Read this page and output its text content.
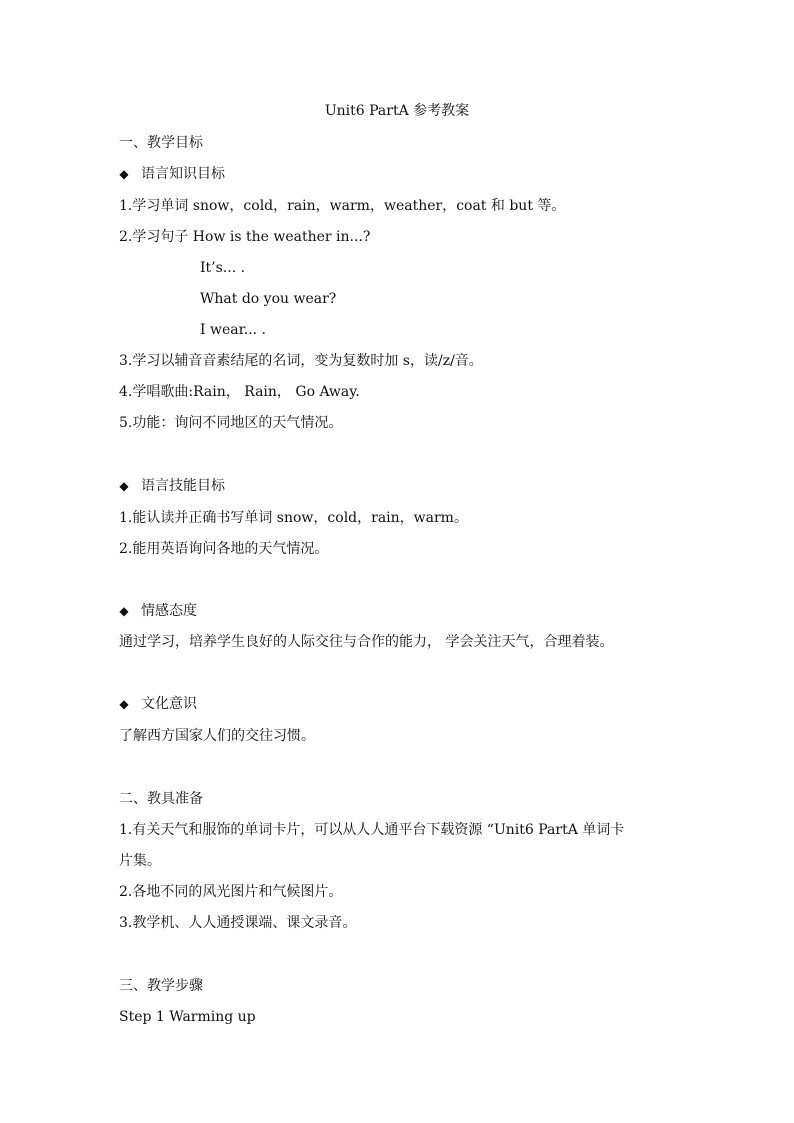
Unit6 PartA 参考教案
一、教学目标
◆ 语言知识目标
1.学习单词 snow，cold，rain，warm，weather，coat 和 but 等。
2.学习句子 How is the weather in...?
It’s... .
What do you wear?
I wear... .
3.学习以辅音音素结尾的名词，变为复数时加 s，读/z/音。
4.学唱歌曲:Rain， Rain， Go Away.
5.功能：询问不同地区的天气情况。
◆ 语言技能目标
1.能认读并正确书写单词 snow，cold，rain，warm。
2.能用英语询问各地的天气情况。
◆ 情感态度
通过学习，培养学生良好的人际交往与合作的能力， 学会关注天气，合理着装。
◆ 文化意识
了解西方国家人们的交往习惯。
二、教具准备
1.有关天气和服饰的单词卡片，可以从人人通平台下载资源 “Unit6 PartA 单词卡
片集。
2.各地不同的风光图片和气候图片。
3.教学机、人人通授课端、课文录音。
三、教学步骤
Step 1 Warming up
